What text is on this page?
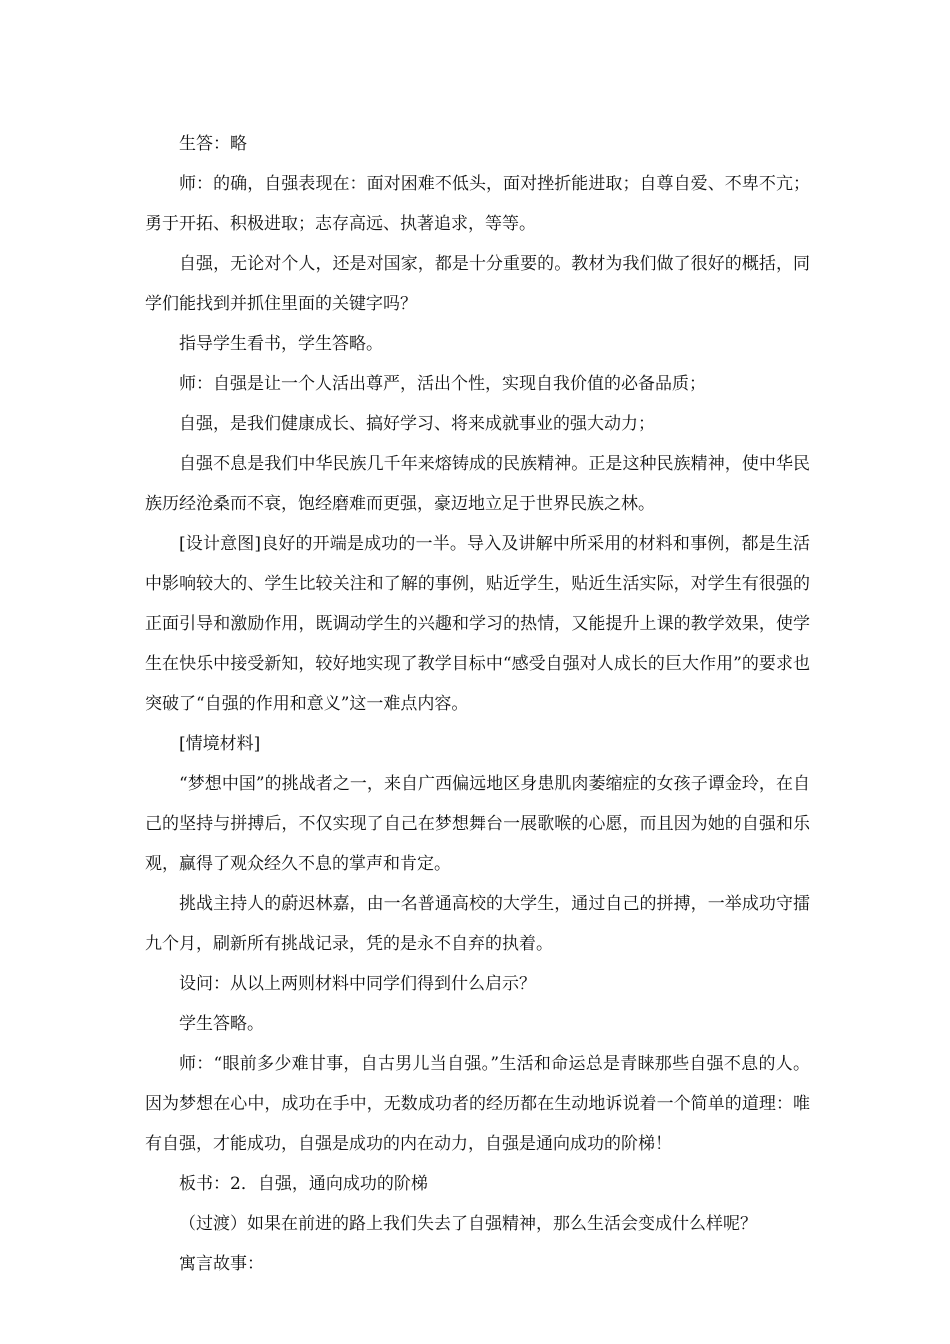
生答：略

师：的确，自强表现在：面对困难不低头，面对挫折能进取；自尊自爱、不卑不亢；勇于开拓、积极进取；志存高远、执著追求，等等。

自强，无论对个人，还是对国家，都是十分重要的。教材为我们做了很好的概括，同学们能找到并抓住里面的关键字吗？

指导学生看书，学生答略。

师：自强是让一个人活出尊严，活出个性，实现自我价值的必备品质；

自强，是我们健康成长、搞好学习、将来成就事业的强大动力；

自强不息是我们中华民族几千年来熔铸成的民族精神。正是这种民族精神，使中华民族历经沧桑而不衰，饱经磨难而更强，豪迈地立足于世界民族之林。

[设计意图]良好的开端是成功的一半。导入及讲解中所采用的材料和事例，都是生活中影响较大的、学生比较关注和了解的事例，贴近学生，贴近生活实际，对学生有很强的正面引导和激励作用，既调动学生的兴趣和学习的热情，又能提升上课的教学效果，使学生在快乐中接受新知，较好地实现了教学目标中“感受自强对人成长的巨大作用”的要求也突破了“自强的作用和意义”这一难点内容。

[情境材料]

“梦想中国”的挑战者之一，来自广西偏远地区身患肌肉萎缩症的女孩子谭金玲，在自己的坚持与拼搏后，不仅实现了自己在梦想舞台一展歌喉的心愿，而且因为她的自强和乐观，赢得了观众经久不息的掌声和肯定。

挑战主持人的蔚迟林嘉，由一名普通高校的大学生，通过自己的拼搏，一举成功守擂九个月，刷新所有挑战记录，凭的是永不自弃的执着。

设问：从以上两则材料中同学们得到什么启示？

学生答略。

师：“眼前多少难甘事，自古男儿当自强。”生活和命运总是青睐那些自强不息的人。因为梦想在心中，成功在手中，无数成功者的经历都在生动地诉说着一个简单的道理：唯有自强，才能成功，自强是成功的内在动力，自强是通向成功的阶梯！

板书：2．自强，通向成功的阶梯

（过渡）如果在前进的路上我们失去了自强精神，那么生活会变成什么样呢？

寓言故事：
